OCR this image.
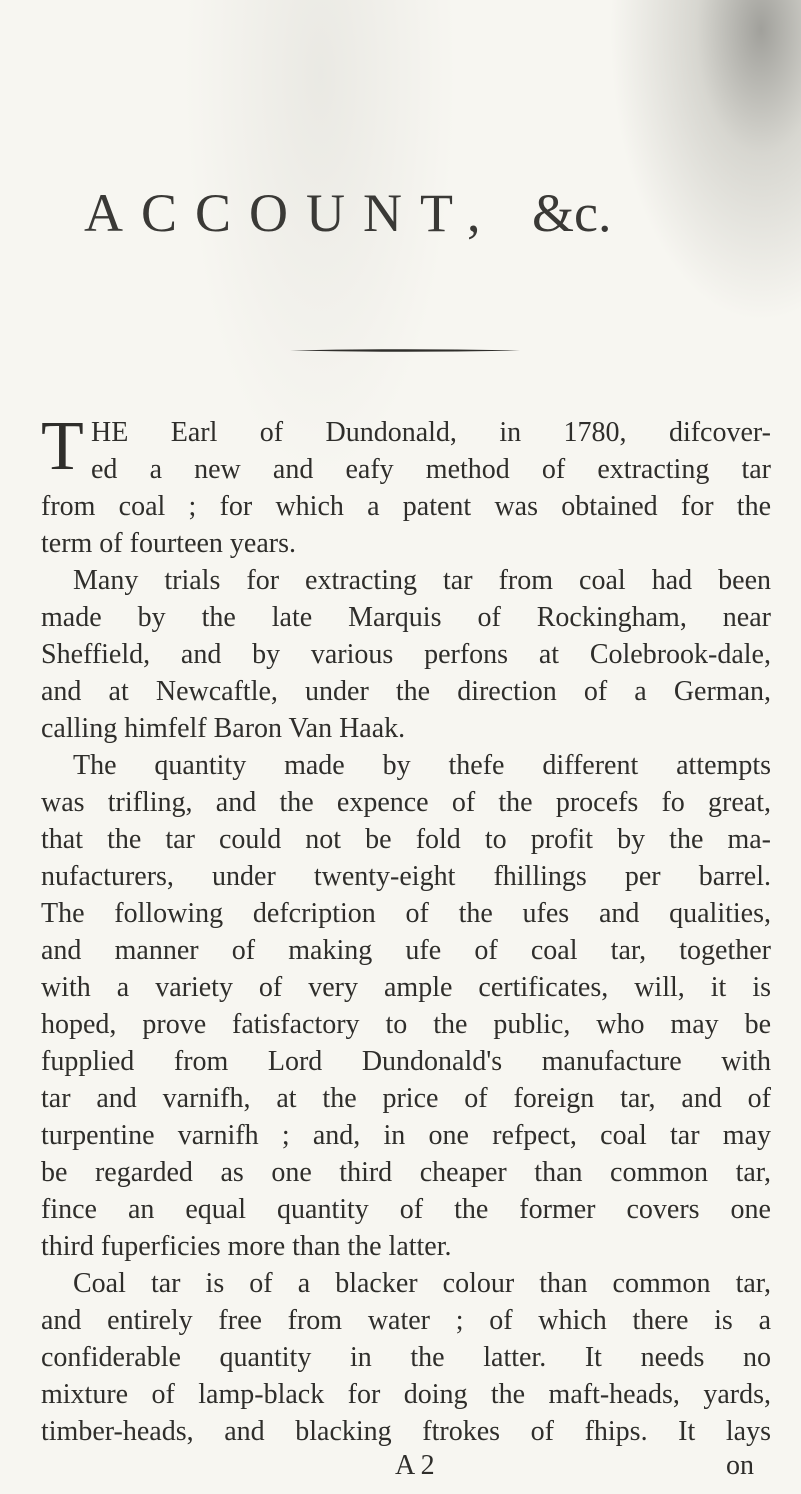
ACCOUNT, &c.
T HE Earl of Dundonald, in 1780, difcover-
ed a new and eafy method of extracting tar
from coal ; for which a patent was obtained for the
term of fourteen years.
Many trials for extracting tar from coal had been
made by the late Marquis of Rockingham, near
Sheffield, and by various perfons at Colebrook-dale,
and at Newcaftle, under the direction of a German,
calling himfelf Baron Van Haak.
The quantity made by thefe different attempts
was trifling, and the expence of the procefs fo great,
that the tar could not be fold to profit by the ma-
nufacturers, under twenty-eight fhillings per barrel.
The following defcription of the ufes and qualities,
and manner of making ufe of coal tar, together
with a variety of very ample certificates, will, it is
hoped, prove fatisfactory to the public, who may be
fupplied from Lord Dundonald's manufacture with
tar and varnifh, at the price of foreign tar, and of
turpentine varnifh ; and, in one refpect, coal tar may
be regarded as one third cheaper than common tar,
fince an equal quantity of the former covers one
third fuperficies more than the latter.
Coal tar is of a blacker colour than common tar,
and entirely free from water ; of which there is a
confiderable quantity in the latter. It needs no
mixture of lamp-black for doing the maft-heads, yards,
timber-heads, and blacking ftrokes of fhips. It lays
A 2	on
